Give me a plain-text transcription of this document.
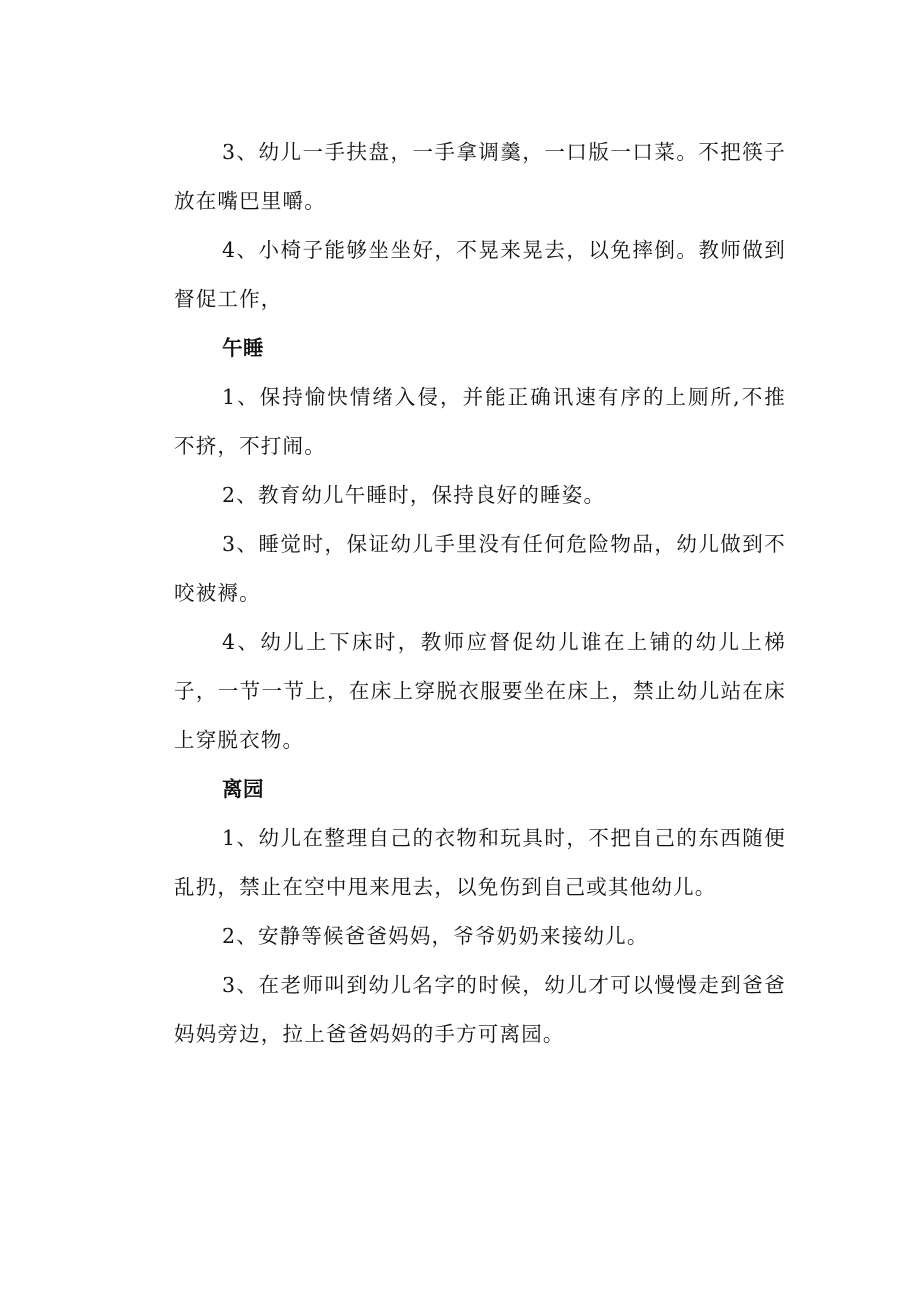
3、幼儿一手扶盘，一手拿调羹，一口版一口菜。不把筷子放在嘴巴里嚼。

4、小椅子能够坐坐好，不晃来晃去，以免摔倒。教师做到督促工作，

午睡

1、保持愉快情绪入侵，并能正确讯速有序的上厕所,不推不挤，不打闹。

2、教育幼儿午睡时，保持良好的睡姿。

3、睡觉时，保证幼儿手里没有任何危险物品，幼儿做到不咬被褥。

4、幼儿上下床时，教师应督促幼儿谁在上铺的幼儿上梯子，一节一节上，在床上穿脱衣服要坐在床上，禁止幼儿站在床上穿脱衣物。

离园

1、幼儿在整理自己的衣物和玩具时，不把自己的东西随便乱扔，禁止在空中甩来甩去，以免伤到自己或其他幼儿。

2、安静等候爸爸妈妈，爷爷奶奶来接幼儿。

3、在老师叫到幼儿名字的时候，幼儿才可以慢慢走到爸爸妈妈旁边，拉上爸爸妈妈的手方可离园。
